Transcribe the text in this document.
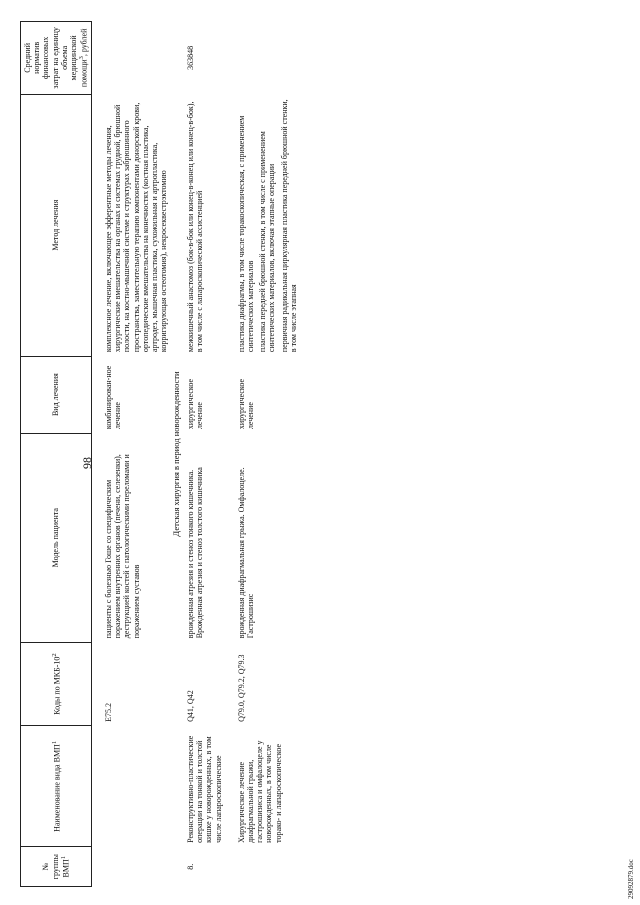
98
№ группы ВМП$^1$	Наименование вида ВМП$^1$	Коды по МКБ-$10^2$	Модель пациента	Вид лечения	Метод лечения	Средний норматив финансовых затрат на единицу объема медицинской помощи$^3$, рублей

		E75.2	пациенты с болезнью Гоше со специфическим поражением внутренних органов (печени, селезенки), деструкцией костей с патологическими переломами и поражением суставов	комбинирован-ное лечение	комплексное лечение, включающее эфферентные методы лечения, хирургические вмешательства на органах и системах грудной, брюшной полости, на костно-мышечной системе и структурах забрюшинного пространства, заместительную терапию компонентами донорской крови, ортопедические вмешательства на конечностях (костная пластика, артродез, мышечная пластика, сухожильная и артропластика, корригирующая остеотомия), некросеквестрэктомию	
Детская хирургия в период новорожденности						
8.	Реконструктивно-пластические операции на тонкой и толстой кишке у новорожденных, в том числе лапароскопические	Q41, Q42	врожденная атрезия и стеноз тонкого кишечника. Врожденная атрезия и стеноз толстого кишечника	хирургическое лечение	межкишечный анастомоз (бок-в-бок или конец-в-конец или конец-в-бок), в том числе с лапароскопической ассистенцией	363848

	Хирургическое лечение диафрагмальной грыжи, гастрошизиса и омфалоцеле у новорожденных, в том числе торако- и лапароскопическое	Q79.0, Q79.2, Q79.3	врожденная диафрагмальная грыжа. Омфалоцеле. Гастрошизис	хирургическое лечение	пластика диафрагмы, в том числе торакоскопическая, с применением синтетических материалов пластика передней брюшной стенки, в том числе с применением синтетических материалов, включая этапные операции первичная радикальная циркулярная пластика передней брюшной стенки, в том числе этапная	

29092879.doc
